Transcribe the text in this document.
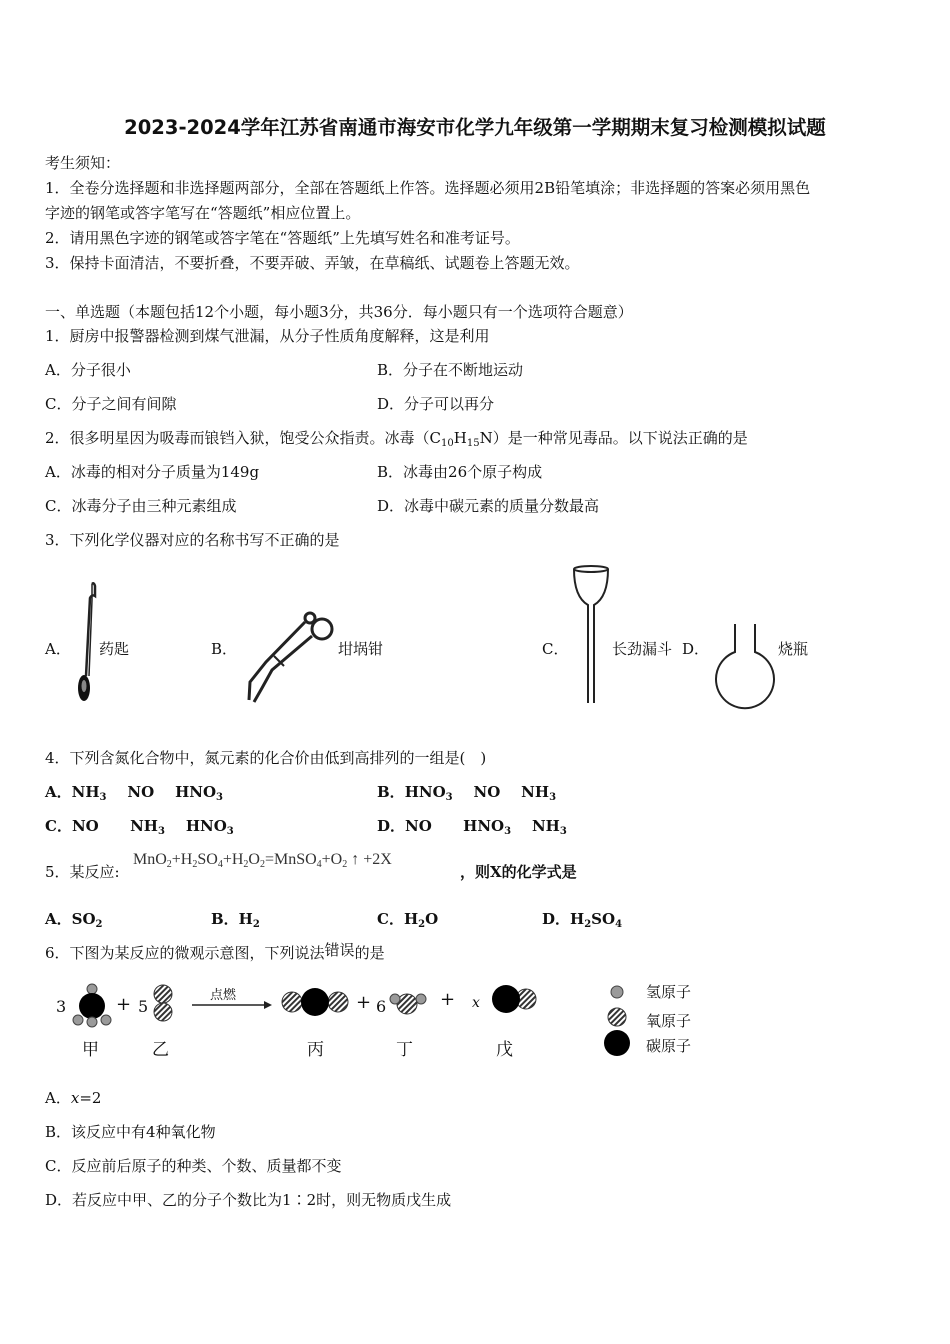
2023-2024学年江苏省南通市海安市化学九年级第一学期期末复习检测模拟试题
考生须知：
1．全卷分选择题和非选择题两部分，全部在答题纸上作答。选择题必须用2B铅笔填涂；非选择题的答案必须用黑色
字迹的钢笔或答字笔写在“答题纸”相应位置上。
2．请用黑色字迹的钢笔或答字笔在“答题纸”上先填写姓名和准考证号。
3．保持卡面清洁，不要折叠，不要弄破、弄皱，在草稿纸、试题卷上答题无效。
一、单选题（本题包括12个小题，每小题3分，共36分．每小题只有一个选项符合题意）
1．厨房中报警器检测到煤气泄漏，从分子性质角度解释，这是利用
A．分子很小	B．分子在不断地运动
C．分子之间有间隙	D．分子可以再分
2．很多明星因为吸毒而锒铛入狱，饱受公众指责。冰毒$(C_{10}H_{15}N)$是一种常见毒品。以下说法正确的是
A．冰毒的相对分子质量为149g	B．冰毒由26个原子构成
C．冰毒分子由三种元素组成	D．冰毒中碳元素的质量分数最高
3．下列化学仪器对应的名称书写不正确的是
A． 药匙	B．	坩埚钳	C．	长劲漏斗 D．	烧瓶
4．下列含氮化合物中，氮元素的化合价由低到高排列的一组是(　)
A．$NH_3$ NO $HNO_3$	B．$HNO_3$ NO $NH_3$
C．NO $NH_3$ $HNO_3$	D．NO $HNO_3$ $NH_3$
5．某反应:
$MnO_2+H_2SO_4+H_2O_2=MnSO_4+O_2$ ↑ +2X
，则X的化学式是
A．$SO_2$	B．$H_2$	C．$H_2O$	D．$H_2SO_4$
6．下图为某反应的微观示意图，下列说法错误的是
3	+ 5
点燃	+ 6	+ x
甲	乙	丙	丁	戊
氢原子
氧原子
碳原子
A．x=2
B．该反应中有4种氧化物
C．反应前后原子的种类、个数、质量都不变
D．若反应中甲、乙的分子个数比为1∶2时，则无物质戊生成
